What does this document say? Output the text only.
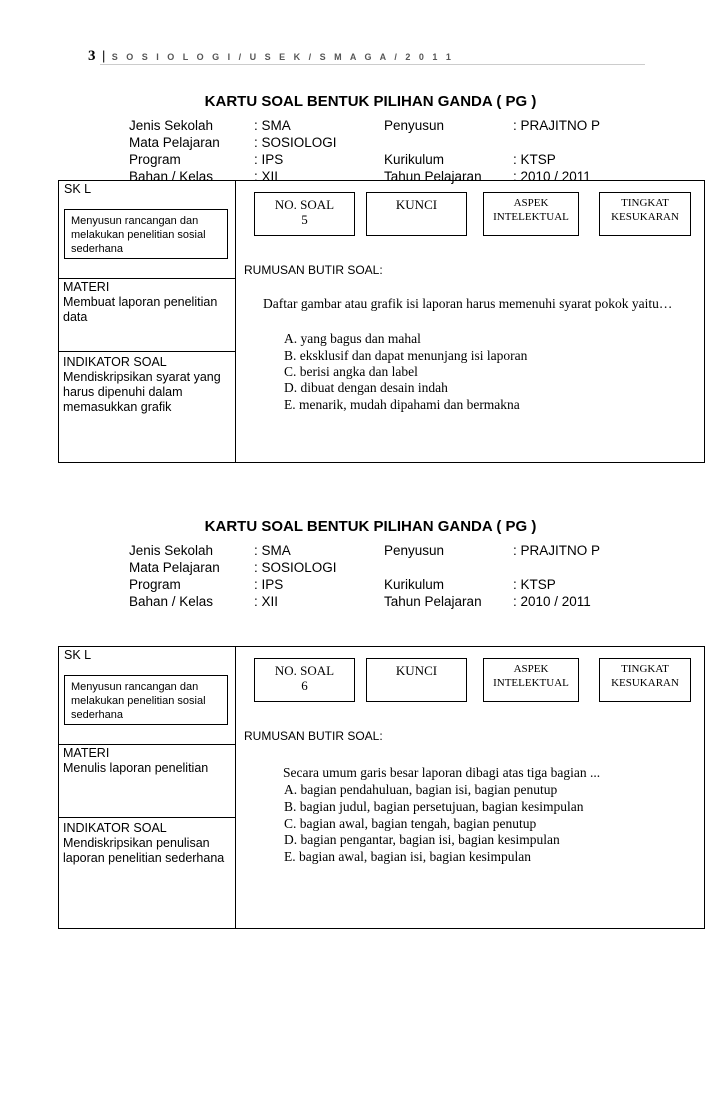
3 | S O S I O L O G I / U S E K / S M A G A / 2 0 1 1
KARTU SOAL BENTUK PILIHAN GANDA ( PG )
Jenis Sekolah	: SMA	Penyusun	: PRAJITNO P
Mata Pelajaran	: SOSIOLOGI
Program	: IPS	Kurikulum	: KTSP
Bahan / Kelas	: XII	Tahun Pelajaran : 2010 / 2011
SK L
Menyusun rancangan dan melakukan penelitian sosial sederhana
MATERI
Membuat laporan penelitian data
INDIKATOR SOAL
Mendiskripsikan syarat yang harus dipenuhi dalam memasukkan grafik
NO. SOAL
5
KUNCI	ASPEK
INTELEKTUAL
TINGKAT
KESUKARAN
RUMUSAN BUTIR SOAL:
Daftar gambar atau grafik isi laporan harus memenuhi syarat pokok yaitu…
A. yang bagus dan mahal
B. eksklusif dan dapat menunjang isi laporan
C. berisi angka dan label
D. dibuat dengan desain indah
E. menarik, mudah dipahami dan bermakna
KARTU SOAL BENTUK PILIHAN GANDA ( PG )
Jenis Sekolah	: SMA	Penyusun	: PRAJITNO P
Mata Pelajaran	: SOSIOLOGI
Program	: IPS	Kurikulum	: KTSP
Bahan / Kelas	: XII	Tahun Pelajaran : 2010 / 2011
SK L
Menyusun rancangan dan melakukan penelitian sosial sederhana
MATERI
Menulis laporan penelitian
INDIKATOR SOAL
Mendiskripsikan penulisan laporan penelitian sederhana
NO. SOAL
6
KUNCI	ASPEK
INTELEKTUAL
TINGKAT
KESUKARAN
RUMUSAN BUTIR SOAL:
Secara umum garis besar laporan dibagi atas tiga bagian ...
A. bagian pendahuluan, bagian isi, bagian penutup
B. bagian judul, bagian persetujuan, bagian kesimpulan
C. bagian awal, bagian tengah, bagian penutup
D. bagian pengantar, bagian isi, bagian kesimpulan
E. bagian awal, bagian isi, bagian kesimpulan
